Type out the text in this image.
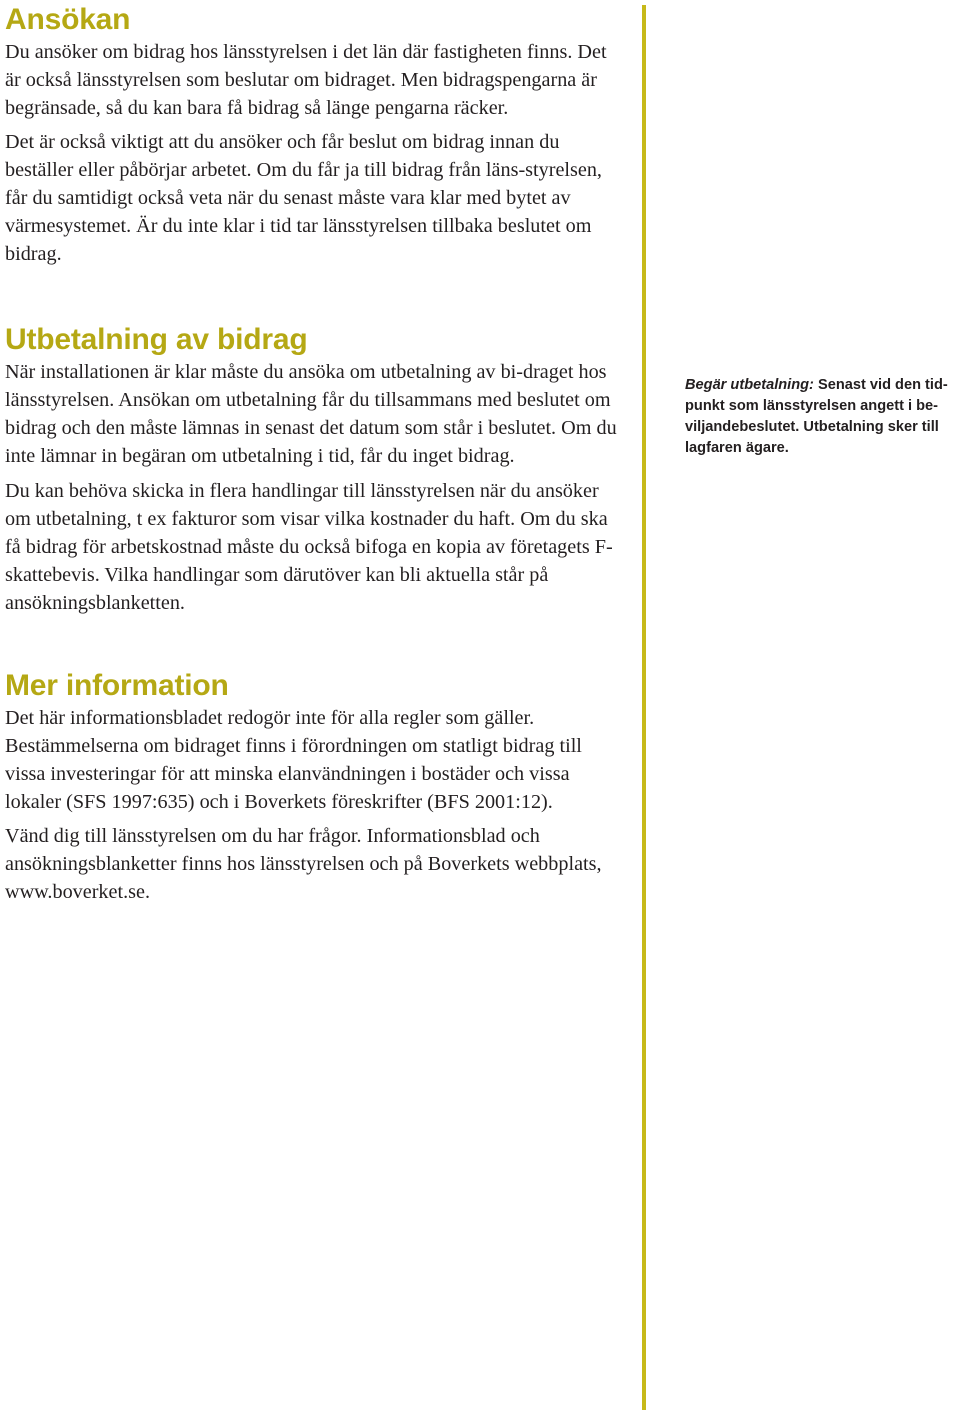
Ansökan

Du ansöker om bidrag hos länsstyrelsen i det län där fastigheten finns. Det är också länsstyrelsen som beslutar om bidraget. Men bidragspengarna är begränsade, så du kan bara få bidrag så länge pengarna räcker.

Det är också viktigt att du ansöker och får beslut om bidrag innan du beställer eller påbörjar arbetet. Om du får ja till bidrag från läns-styrelsen, får du samtidigt också veta när du senast måste vara klar med bytet av värmesystemet. Är du inte klar i tid tar länsstyrelsen tillbaka beslutet om bidrag.

Utbetalning av bidrag

När installationen är klar måste du ansöka om utbetalning av bi-draget hos länsstyrelsen. Ansökan om utbetalning får du tillsammans med beslutet om bidrag och den måste lämnas in senast det datum som står i beslutet. Om du inte lämnar in begäran om utbetalning i tid, får du inget bidrag.

Du kan behöva skicka in flera handlingar till länsstyrelsen när du ansöker om utbetalning, t ex fakturor som visar vilka kostnader du haft. Om du ska få bidrag för arbetskostnad måste du också bifoga en kopia av företagets F-skattebevis. Vilka handlingar som därutöver kan bli aktuella står på ansökningsblanketten.

Mer information

Det här informationsbladet redogör inte för alla regler som gäller. Bestämmelserna om bidraget finns i förordningen om statligt bidrag till vissa investeringar för att minska elanvändningen i bostäder och vissa lokaler (SFS 1997:635) och i Boverkets föreskrifter (BFS 2001:12).

Vänd dig till länsstyrelsen om du har frågor. Informationsblad och ansökningsblanketter finns hos länsstyrelsen och på Boverkets webbplats, www.boverket.se.

Begär utbetalning: Senast vid den tid-punkt som länsstyrelsen angett i be-viljandebeslutet. Utbetalning sker till lagfaren ägare.
